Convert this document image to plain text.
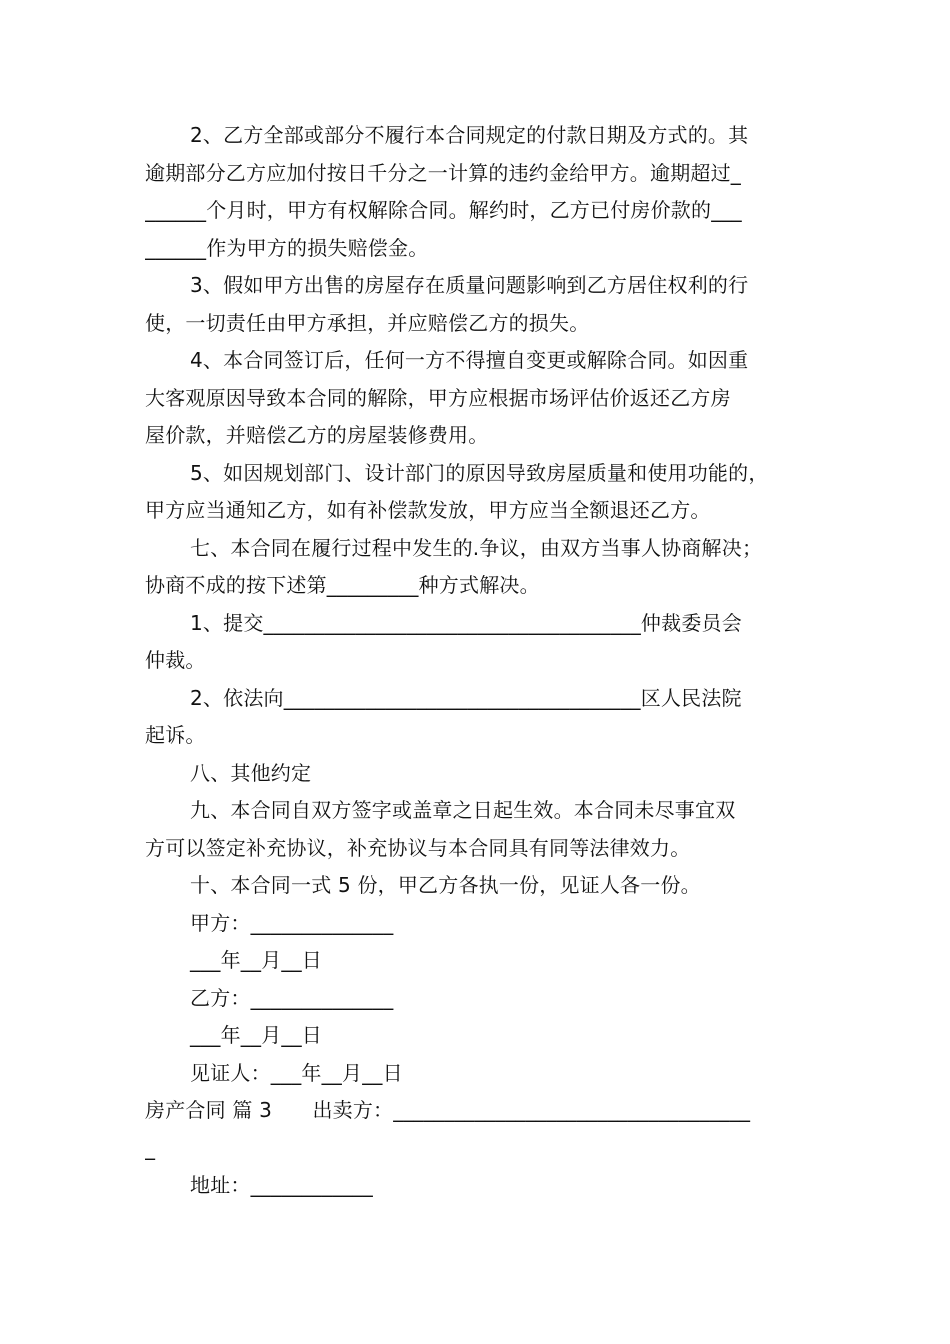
2、乙方全部或部分不履行本合同规定的付款日期及方式的。其
逾期部分乙方应加付按日千分之一计算的违约金给甲方。逾期超过_
______个月时，甲方有权解除合同。解约时，乙方已付房价款的___
______作为甲方的损失赔偿金。
3、假如甲方出售的房屋存在质量问题影响到乙方居住权利的行
使，一切责任由甲方承担，并应赔偿乙方的损失。
4、本合同签订后，任何一方不得擅自变更或解除合同。如因重
大客观原因导致本合同的解除，甲方应根据市场评估价返还乙方房
屋价款，并赔偿乙方的房屋装修费用。
5、如因规划部门、设计部门的原因导致房屋质量和使用功能的，
甲方应当通知乙方，如有补偿款发放，甲方应当全额退还乙方。
七、本合同在履行过程中发生的.争议，由双方当事人协商解决；
协商不成的按下述第_________种方式解决。
1、提交_____________________________________仲裁委员会
仲裁。
2、依法向___________________________________区人民法院
起诉。
八、其他约定
九、本合同自双方签字或盖章之日起生效。本合同未尽事宜双
方可以签定补充协议，补充协议与本合同具有同等法律效力。
十、本合同一式 5 份，甲乙方各执一份，见证人各一份。
甲方：______________
___年__月__日
乙方：______________
___年__月__日
见证人：___年__月__日
房产合同 篇 3　　出卖方：___________________________________
_
地址：____________
